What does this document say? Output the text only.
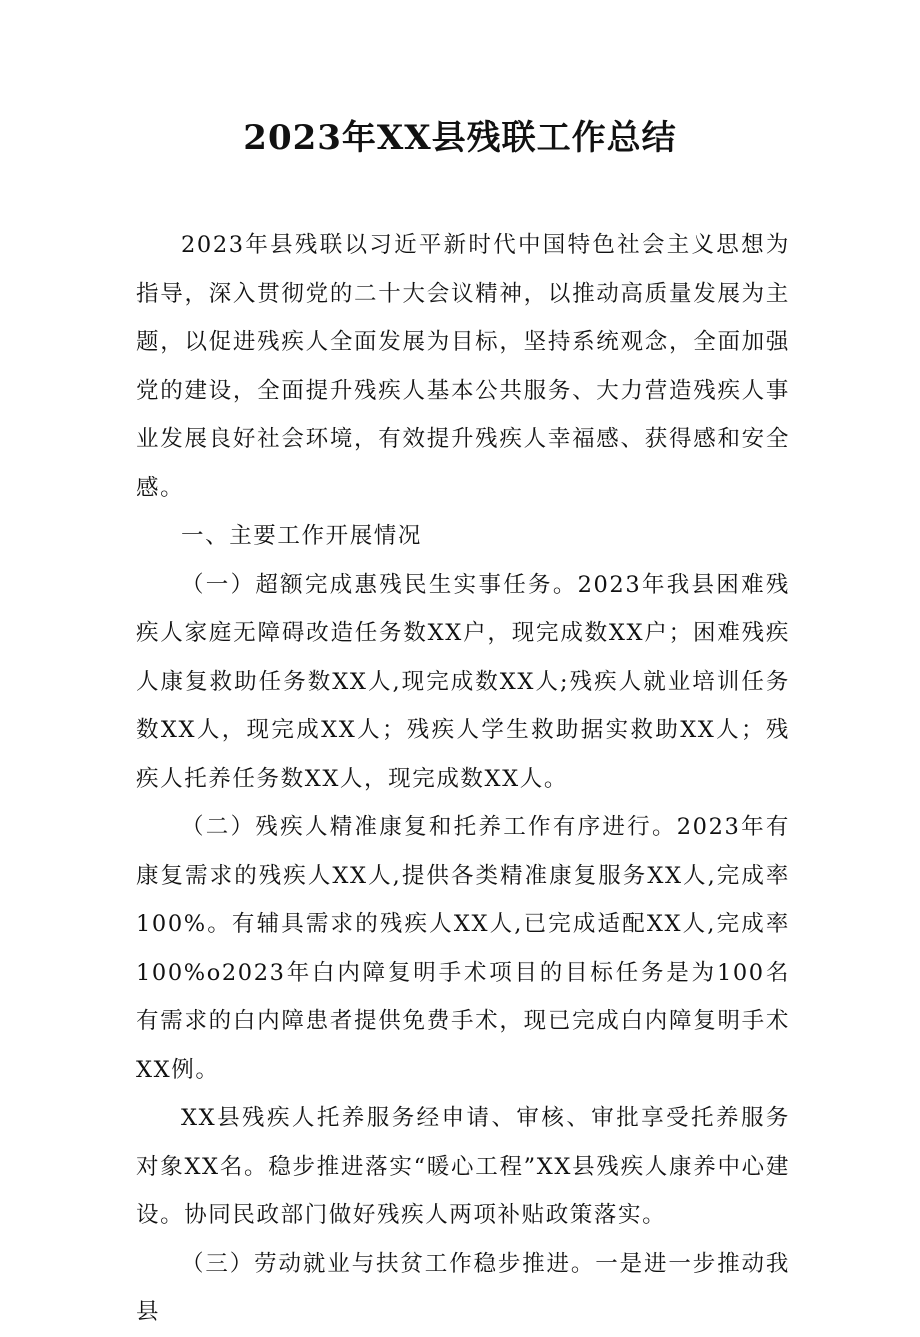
2023年XX县残联工作总结

2023年县残联以习近平新时代中国特色社会主义思想为指导，深入贯彻党的二十大会议精神，以推动高质量发展为主题，以促进残疾人全面发展为目标，坚持系统观念，全面加强党的建设，全面提升残疾人基本公共服务、大力营造残疾人事业发展良好社会环境，有效提升残疾人幸福感、获得感和安全感。

一、主要工作开展情况

（一）超额完成惠残民生实事任务。2023年我县困难残疾人家庭无障碍改造任务数XX户，现完成数XX户；困难残疾人康复救助任务数XX人,现完成数XX人;残疾人就业培训任务数XX人，现完成XX人；残疾人学生救助据实救助XX人；残疾人托养任务数XX人，现完成数XX人。

（二）残疾人精准康复和托养工作有序进行。2023年有康复需求的残疾人XX人,提供各类精准康复服务XX人,完成率100%。有辅具需求的残疾人XX人,已完成适配XX人,完成率100%o2023年白内障复明手术项目的目标任务是为100名有需求的白内障患者提供免费手术，现已完成白内障复明手术XX例。

XX县残疾人托养服务经申请、审核、审批享受托养服务对象XX名。稳步推进落实“暖心工程”XX县残疾人康养中心建设。协同民政部门做好残疾人两项补贴政策落实。

（三）劳动就业与扶贫工作稳步推进。一是进一步推动我县
